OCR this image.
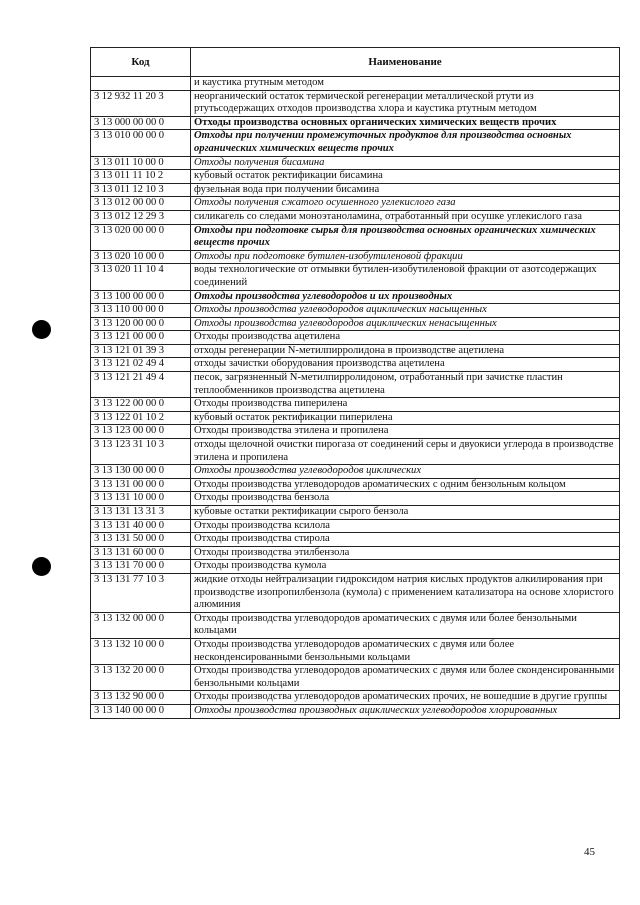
Код	Наименование
	и каустика ртутным методом
3 12 932 11 20 3	неорганический остаток термической регенерации металлической ртути из ртутьсодержащих отходов производства хлора и каустика ртутным методом
3 13 000 00 00 0	Отходы производства основных органических химических веществ прочих
3 13 010 00 00 0	Отходы при получении промежуточных продуктов для производства основных органических химических веществ прочих
3 13 011 10 00 0	Отходы получения бисамина
3 13 011 11 10 2	кубовый остаток ректификации бисамина
3 13 011 12 10 3	фузельная вода при получении бисамина
3 13 012 00 00 0	Отходы получения сжатого осушенного углекислого газа
3 13 012 12 29 3	силикагель со следами моноэтаноламина, отработанный при осушке углекислого газа
3 13 020 00 00 0	Отходы при подготовке сырья для производства основных органических химических веществ прочих
3 13 020 10 00 0	Отходы при подготовке бутилен-изобутиленовой фракции
3 13 020 11 10 4	воды технологические от отмывки бутилен-изобутиленовой фракции от азотсодержащих соединений
3 13 100 00 00 0	Отходы производства углеводородов и их производных
3 13 110 00 00 0	Отходы производства углеводородов ациклических насыщенных
3 13 120 00 00 0	Отходы производства углеводородов ациклических ненасыщенных
3 13 121 00 00 0	Отходы производства ацетилена
3 13 121 01 39 3	отходы регенерации N-метилпирролидона в производстве ацетилена
3 13 121 02 49 4	отходы зачистки оборудования производства ацетилена
3 13 121 21 49 4	песок, загрязненный N-метилпирролидоном, отработанный при зачистке пластин теплообменников производства ацетилена
3 13 122 00 00 0	Отходы производства пиперилена
3 13 122 01 10 2	кубовый остаток ректификации пиперилена
3 13 123 00 00 0	Отходы производства этилена и пропилена
3 13 123 31 10 3	отходы щелочной очистки пирогаза от соединений серы и двуокиси углерода в производстве этилена и пропилена
3 13 130 00 00 0	Отходы производства углеводородов циклических
3 13 131 00 00 0	Отходы производства углеводородов ароматических с одним бензольным кольцом
3 13 131 10 00 0	Отходы производства бензола
3 13 131 13 31 3	кубовые остатки ректификации сырого бензола
3 13 131 40 00 0	Отходы производства ксилола
3 13 131 50 00 0	Отходы производства стирола
3 13 131 60 00 0	Отходы производства этилбензола
3 13 131 70 00 0	Отходы производства кумола
3 13 131 77 10 3	жидкие отходы нейтрализации гидроксидом натрия кислых продуктов алкилирования при производстве изопропилбензола (кумола) с применением катализатора на основе хлористого алюминия
3 13 132 00 00 0	Отходы производства углеводородов ароматических с двумя или более бензольными кольцами
3 13 132 10 00 0	Отходы производства углеводородов ароматических с двумя или более несконденсированными бензольными кольцами
3 13 132 20 00 0	Отходы производства углеводородов ароматических с двумя или более сконденсированными бензольными кольцами
3 13 132 90 00 0	Отходы производства углеводородов ароматических прочих, не вошедшие в другие группы
3 13 140 00 00 0	Отходы производства производных ациклических углеводородов хлорированных
45
